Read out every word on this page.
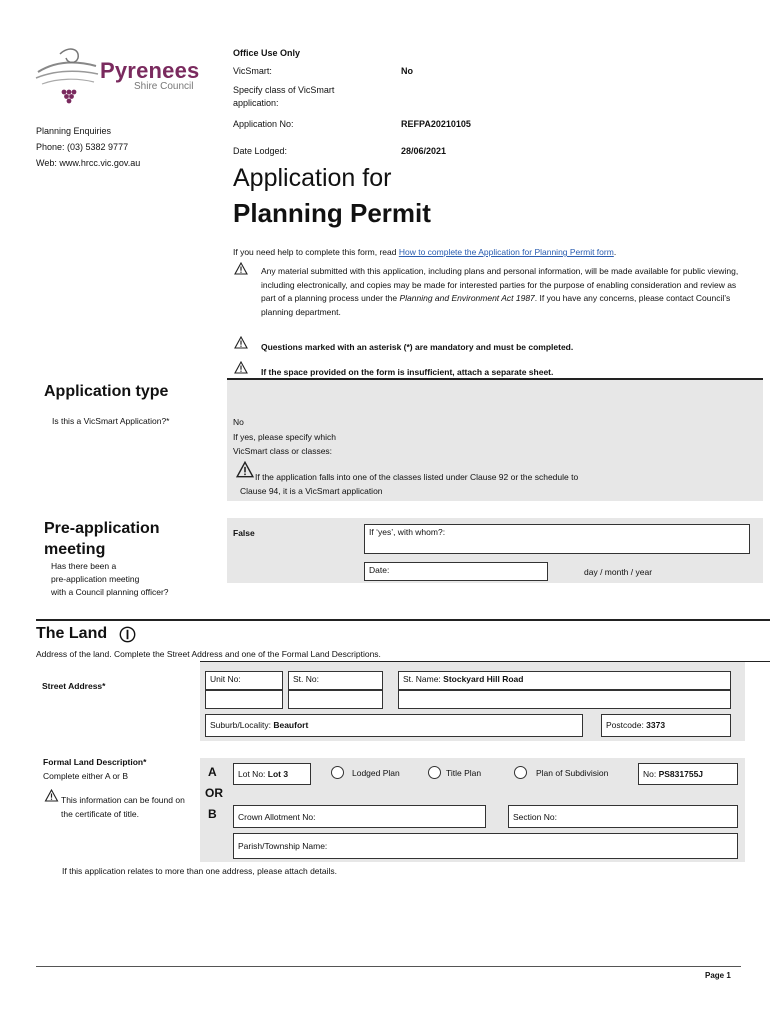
Pyrenees
Shire Council
Planning Enquiries
Phone: (03) 5382 9777
Web: www.hrcc.vic.gov.au
Office Use Only
VicSmart:	No
Specify class of VicSmart application:
Application No:	REFPA20210105
Date Lodged:	28/06/2021
Application for
Planning Permit
If you need help to complete this form, read How to complete the Application for Planning Permit form.
Any material submitted with this application, including plans and personal information, will be made available for public viewing, including electronically, and copies may be made for interested parties for the purpose of enabling consideration and review as part of a planning process under the Planning and Environment Act 1987. If you have any concerns, please contact Council’s planning department.
Questions marked with an asterisk (*) are mandatory and must be completed.
If the space provided on the form is insufficient, attach a separate sheet.
Application type
Is this a VicSmart Application?*	No
If yes, please specify which
VicSmart class or classes:
If the application falls into one of the classes listed under Clause 92 or the schedule to
Clause 94, it is a VicSmart application
Pre-application
meeting
Has there been a
pre-application meeting
with a Council planning officer?
False	If ‘yes’, with whom?:
Date:	day / month / year
The Land
Address of the land. Complete the Street Address and one of the Formal Land Descriptions.
Street Address*
Unit No:	St. No:	St. Name: Stockyard Hill Road
Suburb/Locality: Beaufort	Postcode: 3373
Formal Land Description*
Complete either A or B
This information can be found on the certificate of title.
A
OR
B
Lot No: Lot 3	Lodged Plan	Title Plan	Plan of Subdivision	No: PS831755J
Crown Allotment No:	Section No:
Parish/Township Name:
If this application relates to more than one address, please attach details.
Page 1
